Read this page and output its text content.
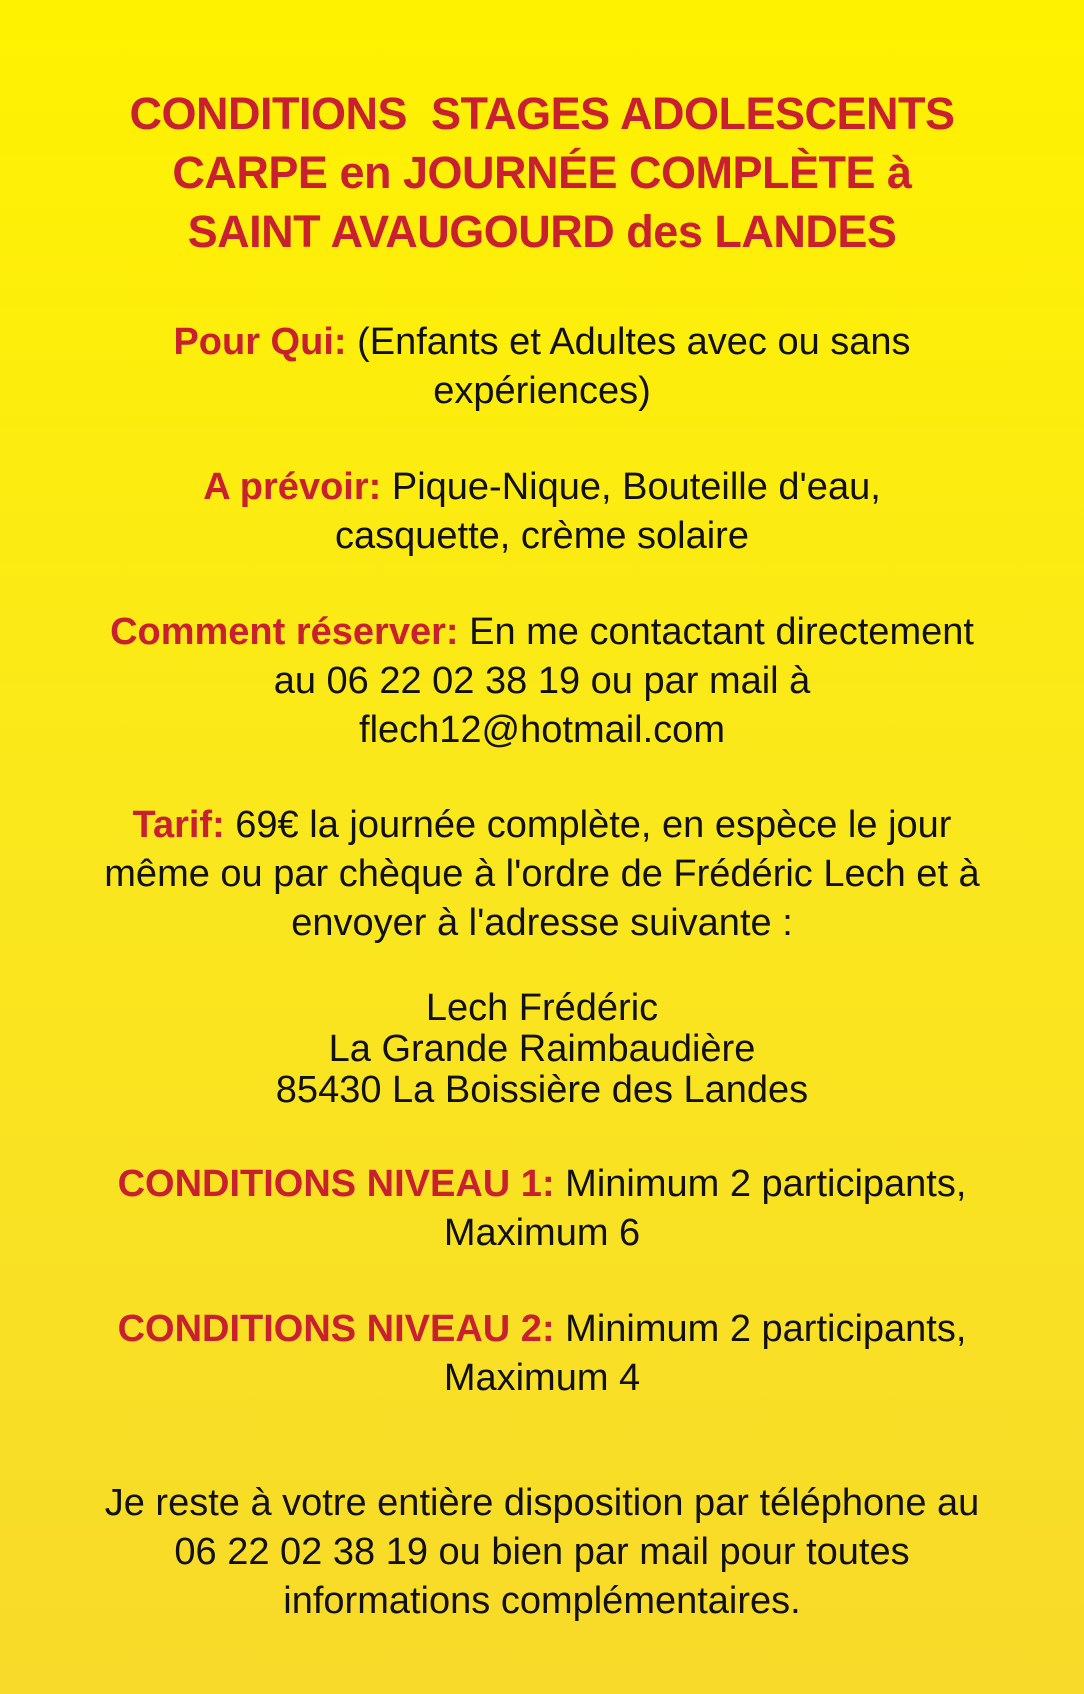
CONDITIONS  STAGES ADOLESCENTS
CARPE en JOURNÉE COMPLÈTE à
SAINT AVAUGOURD des LANDES

Pour Qui: (Enfants et Adultes avec ou sans
expériences)

A prévoir: Pique-Nique, Bouteille d'eau,
casquette, crème solaire

Comment réserver: En me contactant directement
au 06 22 02 38 19 ou par mail à
flech12@hotmail.com

Tarif: 69€ la journée complète, en espèce le jour
même ou par chèque à l'ordre de Frédéric Lech et à
envoyer à l'adresse suivante :

Lech Frédéric
La Grande Raimbaudière
85430 La Boissière des Landes

CONDITIONS NIVEAU 1: Minimum 2 participants,
Maximum 6

CONDITIONS NIVEAU 2: Minimum 2 participants,
Maximum 4

Je reste à votre entière disposition par téléphone au
06 22 02 38 19 ou bien par mail pour toutes
informations complémentaires.
